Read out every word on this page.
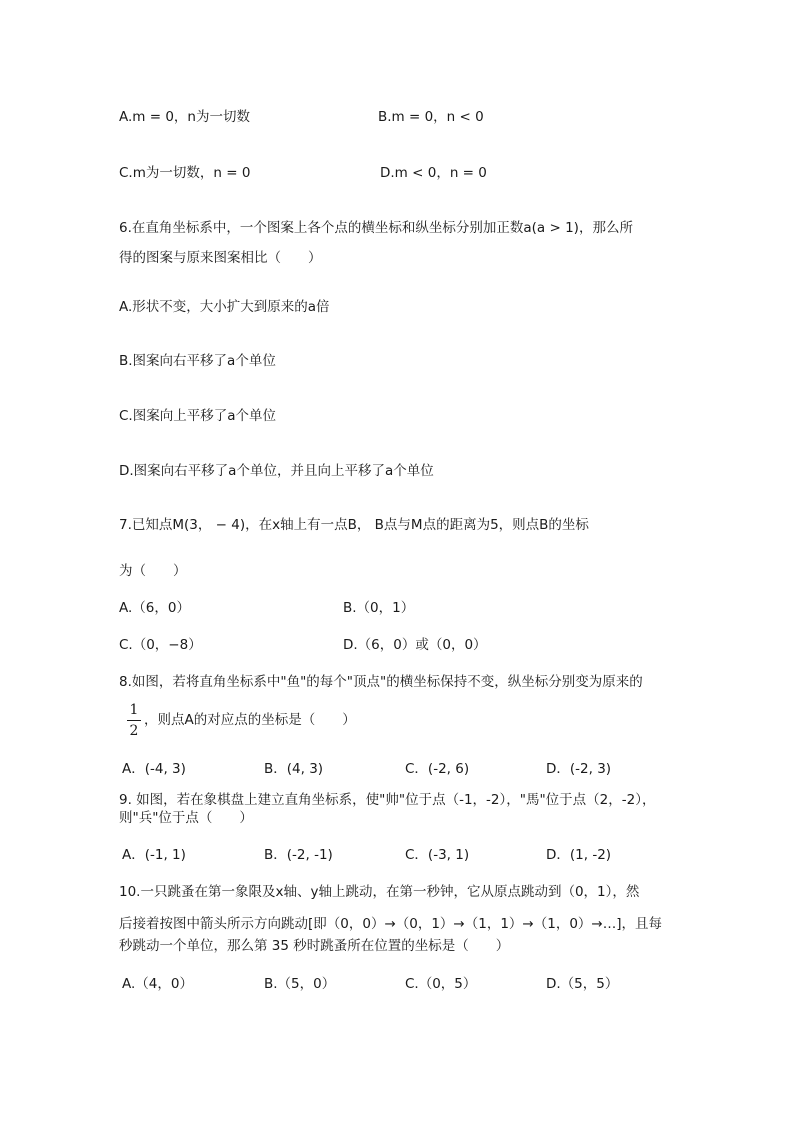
A.m = 0，n为一切数	B.m = 0，n < 0
C.m为一切数，n = 0	D.m < 0，n = 0
6.在直角坐标系中，一个图案上各个点的横坐标和纵坐标分别加正数a(a > 1)，那么所
得的图案与原来图案相比（　　）
A.形状不变，大小扩大到原来的a倍
B.图案向右平移了a个单位
C.图案向上平移了a个单位
D.图案向右平移了a个单位，并且向上平移了a个单位
7.已知点M(3， − 4)，在x轴上有一点B， B点与M点的距离为5，则点B的坐标
为（　　）
A.（6，0）	B.（0，1）
C.（0，−8）	D.（6，0）或（0，0）
8.如图，若将直角坐标系中"鱼"的每个"顶点"的横坐标保持不变，纵坐标分别变为原来的
1
2
，则点A的对应点的坐标是（　　）
A．(-4, 3)	B．(4, 3)	C．(-2, 6)	D．(-2, 3)
9. 如图，若在象棋盘上建立直角坐标系，使"帅"位于点（-1，-2），"馬"位于点（2，-2），
则"兵"位于点（　　）
A．(-1, 1)	B．(-2, -1)	C．(-3, 1)	D．(1, -2)
10.一只跳蚤在第一象限及x轴、y轴上跳动，在第一秒钟，它从原点跳动到（0，1），然
后接着按图中箭头所示方向跳动[即（0，0）→（0，1）→（1，1）→（1，0）→…]，且每
秒跳动一个单位，那么第 35 秒时跳蚤所在位置的坐标是（　　）
A.（4，0）	B.（5，0）	C.（0，5）	D.（5，5）
